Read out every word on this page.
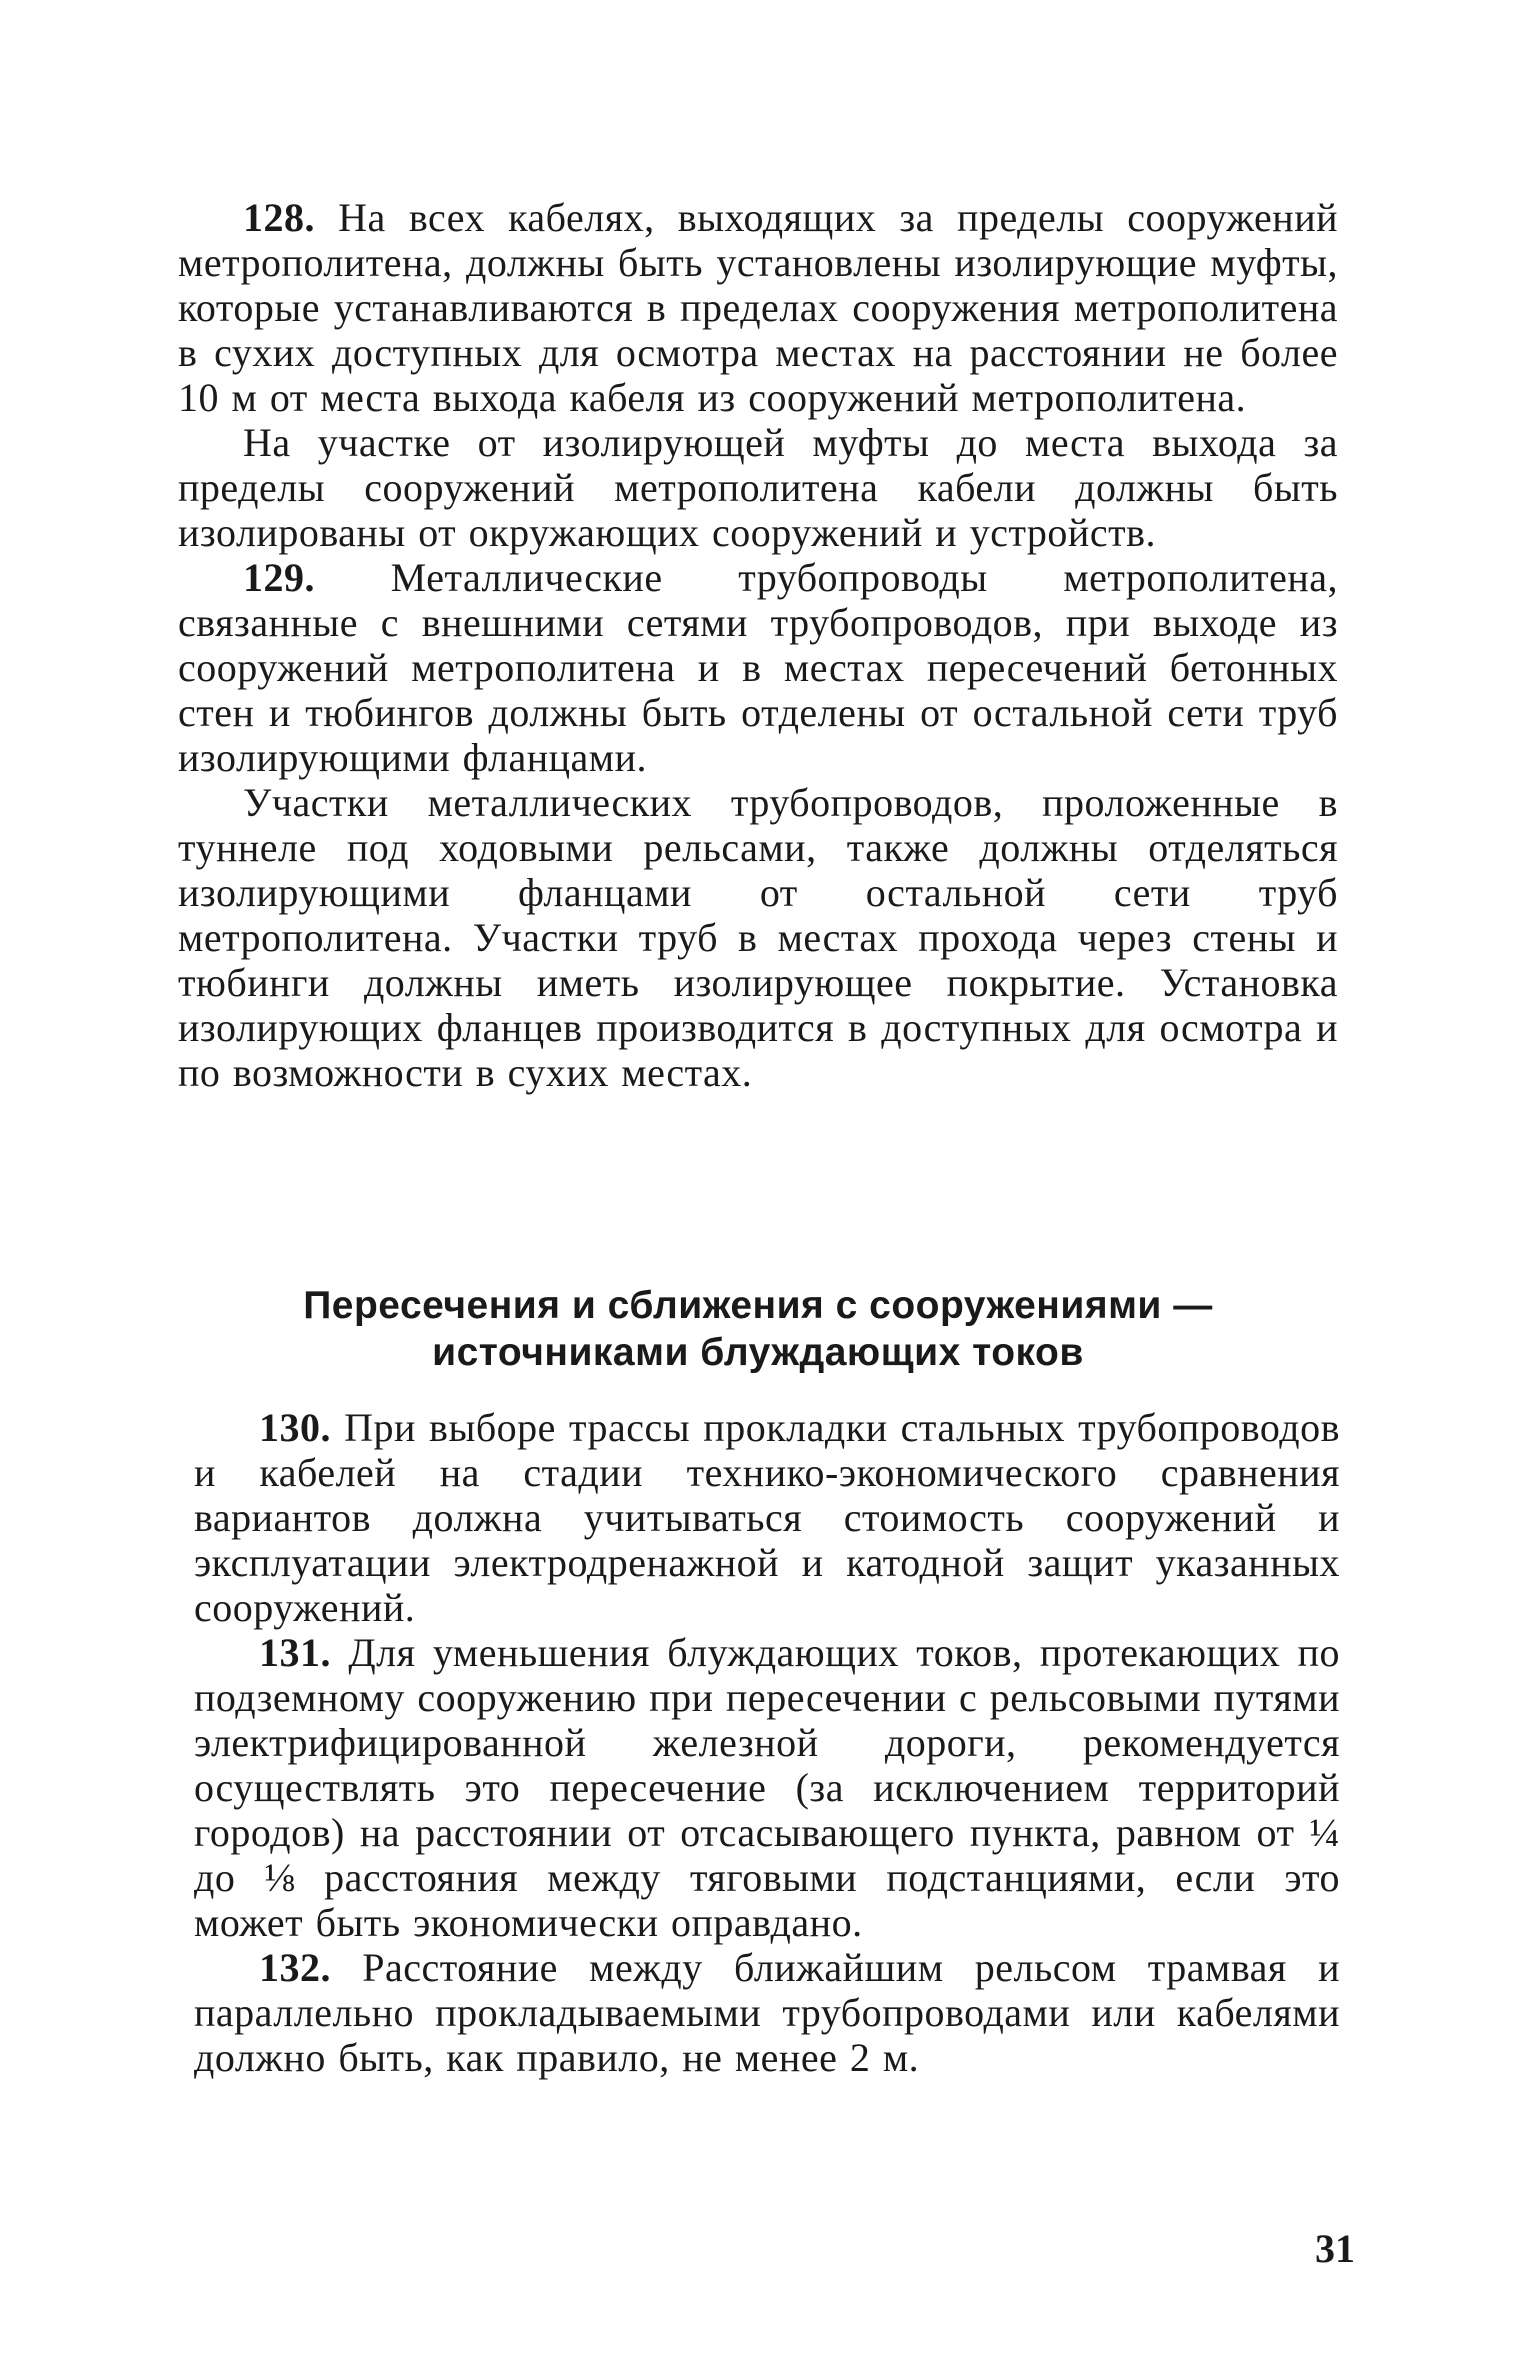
128. На всех кабелях, выходящих за пределы сооружений метрополитена, должны быть установлены изолирующие муфты, которые устанавливаются в пределах сооружения метрополитена в сухих доступных для осмотра местах на расстоянии не более 10 м от места выхода кабеля из сооружений метрополитена.

На участке от изолирующей муфты до места выхода за пределы сооружений метрополитена кабели должны быть изолированы от окружающих сооружений и устройств.

129. Металлические трубопроводы метрополитена, связанные с внешними сетями трубопроводов, при выходе из сооружений метрополитена и в местах пересечений бетонных стен и тюбингов должны быть отделены от остальной сети труб изолирующими фланцами.

Участки металлических трубопроводов, проложенные в туннеле под ходовыми рельсами, также должны отделяться изолирующими фланцами от остальной сети труб метрополитена. Участки труб в местах прохода через стены и тюбинги должны иметь изолирующее покрытие. Установка изолирующих фланцев производится в доступных для осмотра и по возможности в сухих местах.

Пересечения и сближения с сооружениями —
источниками блуждающих токов

130. При выборе трассы прокладки стальных трубопроводов и кабелей на стадии технико-экономического сравнения вариантов должна учитываться стоимость сооружений и эксплуатации электродренажной и катодной защит указанных сооружений.

131. Для уменьшения блуждающих токов, протекающих по подземному сооружению при пересечении с рельсовыми путями электрифицированной железной дороги, рекомендуется осуществлять это пересечение (за исключением территорий городов) на расстоянии от отсасывающего пункта, равном от ¼ до ⅛ расстояния между тяговыми подстанциями, если это может быть экономически оправдано.

132. Расстояние между ближайшим рельсом трамвая и параллельно прокладываемыми трубопроводами или кабелями должно быть, как правило, не менее 2 м.

31
